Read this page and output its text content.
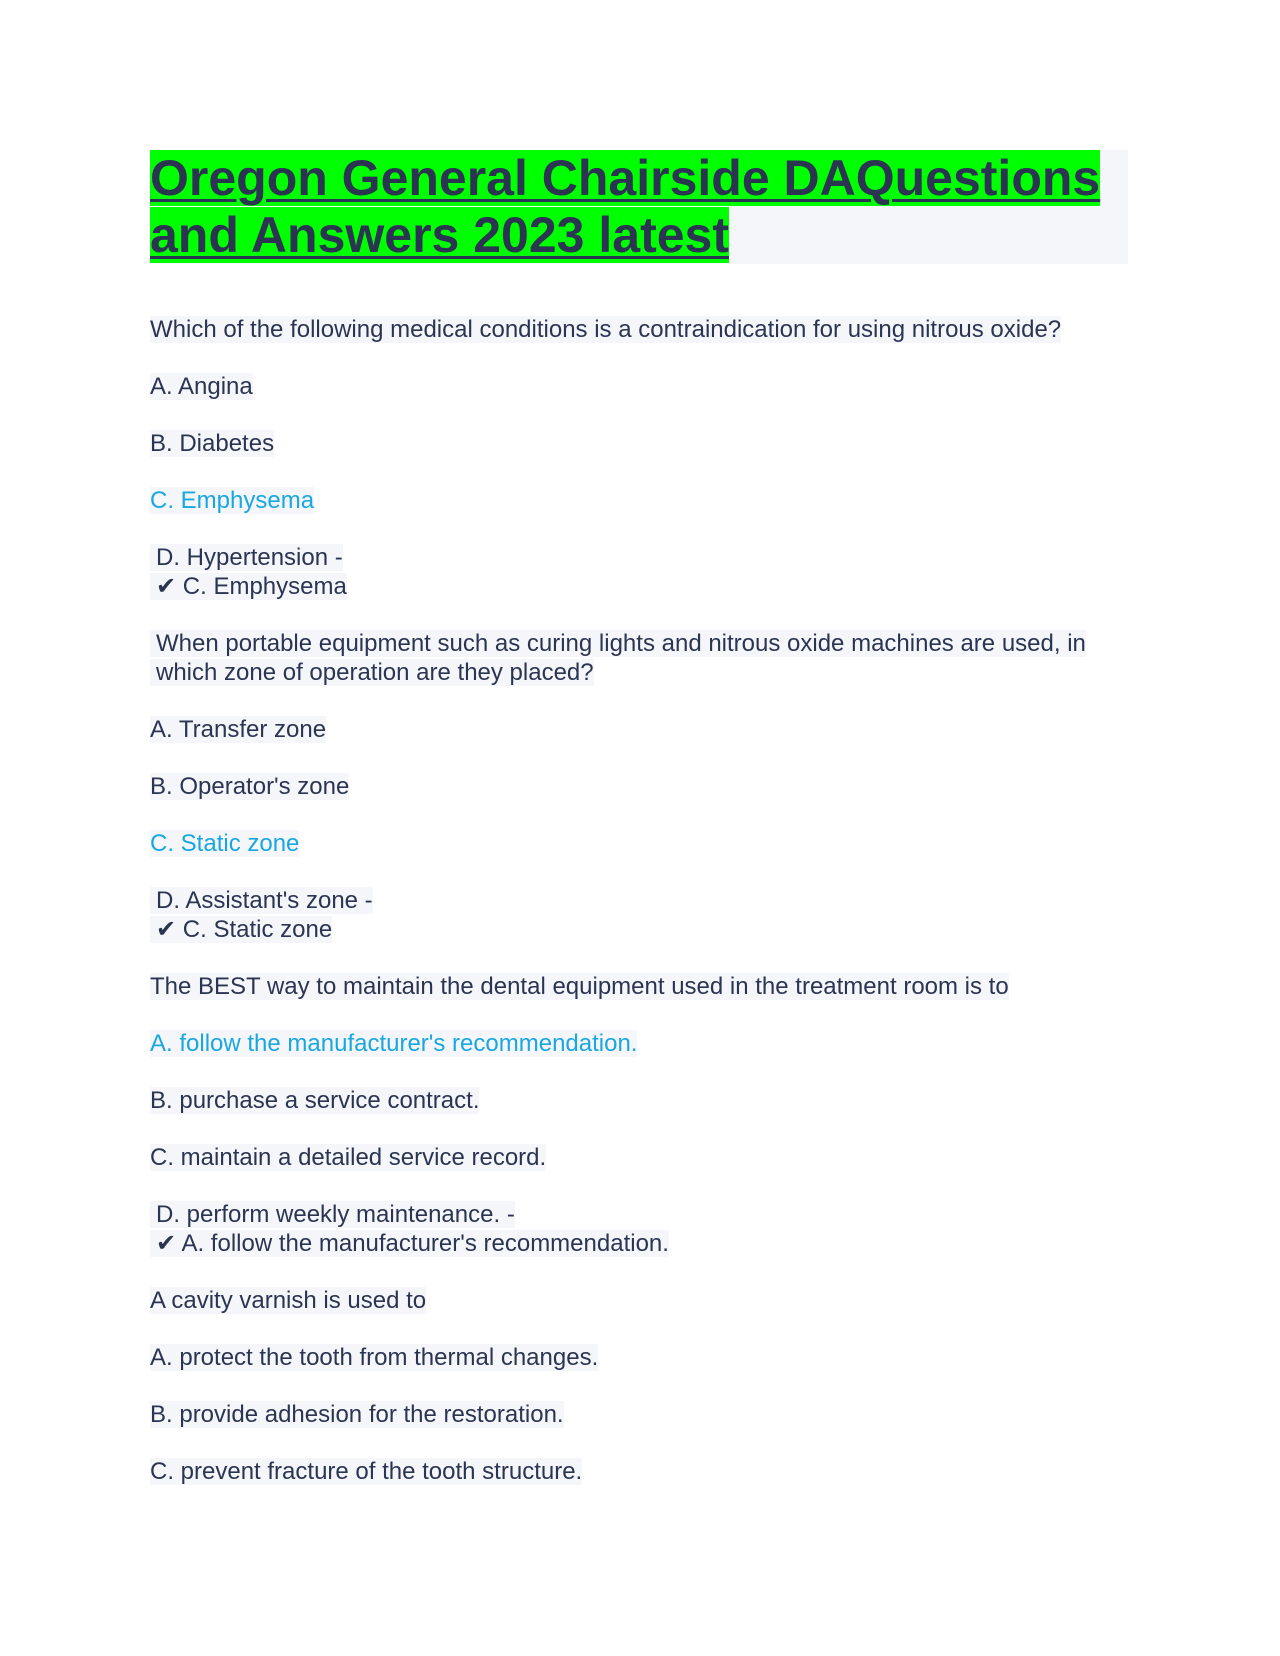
Oregon General Chairside DAQuestions
and Answers 2023 latest
Which of the following medical conditions is a contraindication for using nitrous oxide?
A. Angina
B. Diabetes
C. Emphysema
D. Hypertension -
✔ C. Emphysema
When portable equipment such as curing lights and nitrous oxide machines are used, in
which zone of operation are they placed?
A. Transfer zone
B. Operator's zone
C. Static zone
D. Assistant's zone -
✔ C. Static zone
The BEST way to maintain the dental equipment used in the treatment room is to
A. follow the manufacturer's recommendation.
B. purchase a service contract.
C. maintain a detailed service record.
D. perform weekly maintenance. -
✔ A. follow the manufacturer's recommendation.
A cavity varnish is used to
A. protect the tooth from thermal changes.
B. provide adhesion for the restoration.
C. prevent fracture of the tooth structure.
